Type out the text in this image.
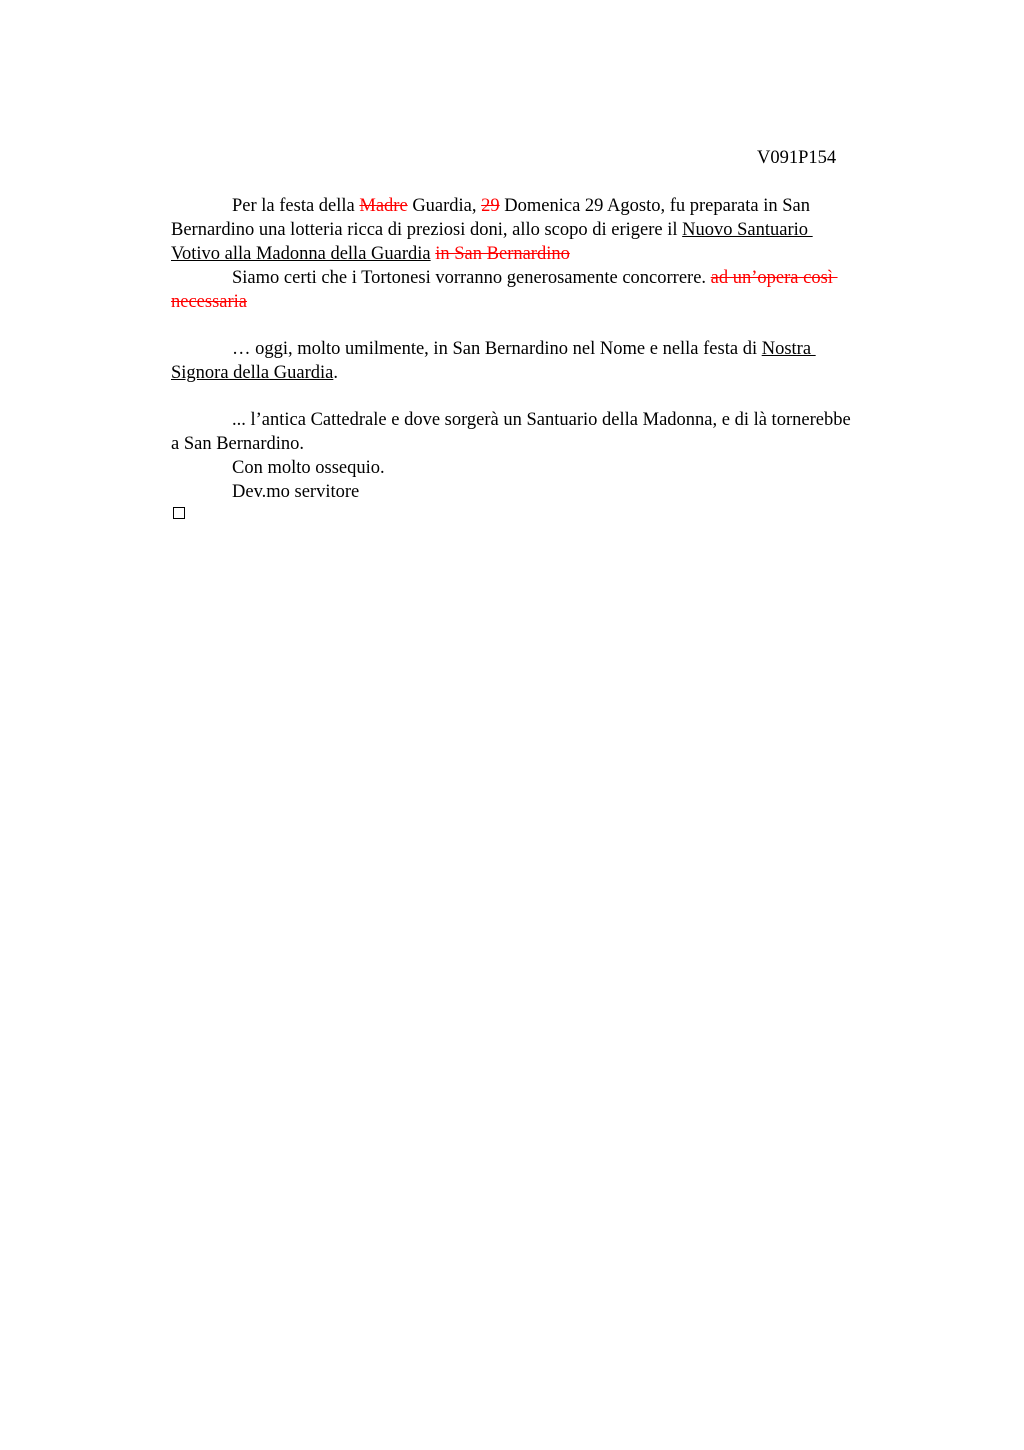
V091P154
Per la festa della Madre Guardia, 29 Domenica 29 Agosto, fu preparata in San
Bernardino una lotteria ricca di preziosi doni, allo scopo di erigere il Nuovo Santuario
Votivo alla Madonna della Guardia in San Bernardino
Siamo certi che i Tortonesi vorranno generosamente concorrere. ad un’opera così
necessaria
… oggi, molto umilmente, in San Bernardino nel Nome e nella festa di Nostra
Signora della Guardia.
... l’antica Cattedrale e dove sorgerà un Santuario della Madonna, e di là tornerebbe
a San Bernardino.
Con molto ossequio.
Dev.mo servitore
